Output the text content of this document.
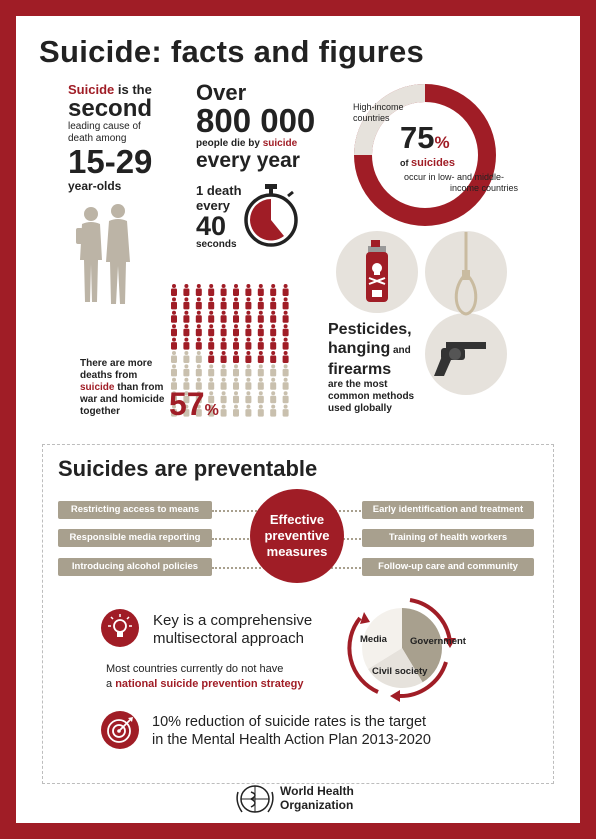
Suicide: facts and figures
Suicide is the
second
leading cause of
death among
15-29
year-olds
Over
800 000
people die by suicide
every year
1 death
every
40
seconds
High-income
countries
75%
of suicides
occur in low- and middle-
income countries
Pesticides,
hanging and
firearms
are the most
common methods
used globally
There are more
deaths from
suicide than from
war and homicide
together	57%
Suicides are preventable
Restricting access to means
Responsible media reporting
Introducing alcohol policies
Early identification and treatment
Training of health workers
Follow-up care and community support
Effective
preventive
measures
Key is a comprehensive
multisectoral approach
Most countries currently do not have
a national suicide prevention strategy
Media Government
Civil society
10% reduction of suicide rates is the target
in the Mental Health Action Plan 2013-2020
World Health
Organization
